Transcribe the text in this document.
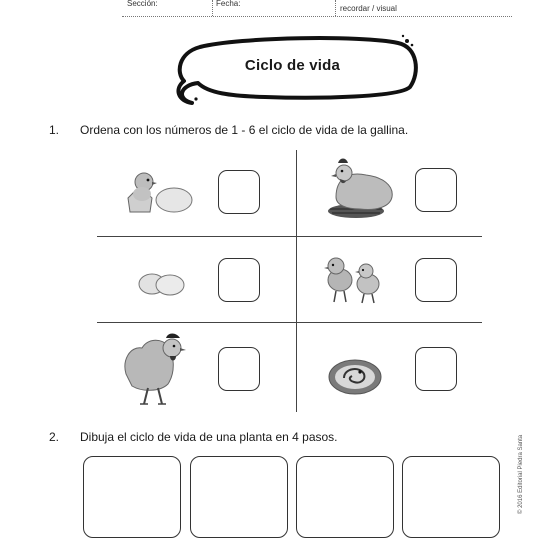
Sección:	Fecha:
recordar / visual
Ciclo de vida
1. Ordena con los números de 1 - 6 el ciclo de vida de la gallina.
2. Dibuja el ciclo de vida de una planta en 4 pasos.	© 2016 Editorial Piedra Santa
